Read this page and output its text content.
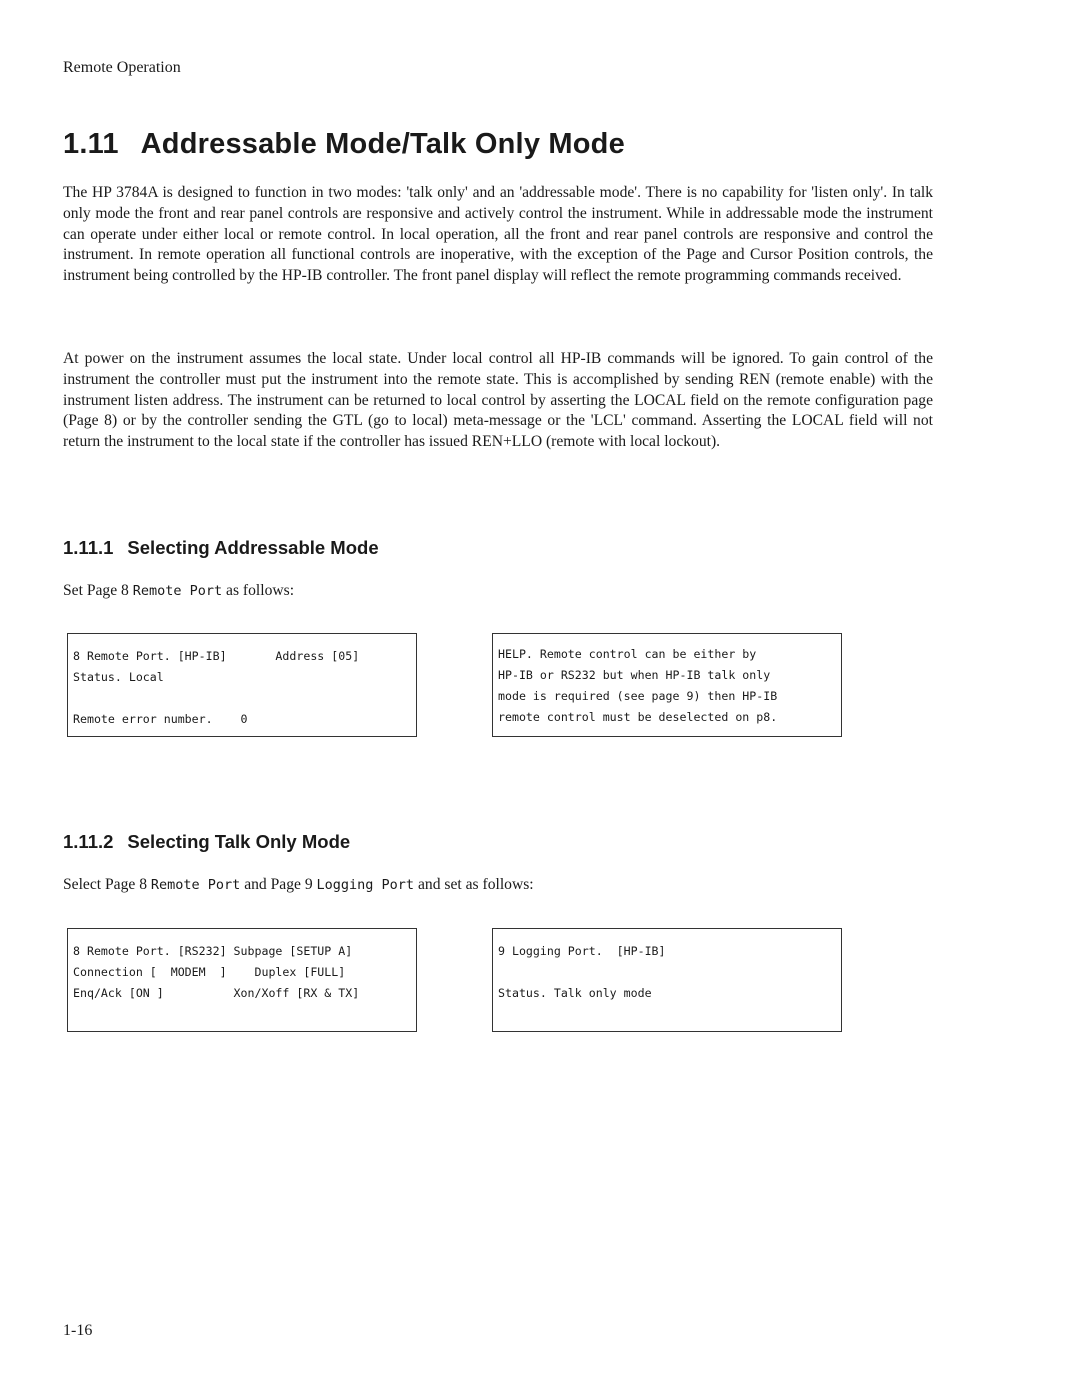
Remote Operation
1.11 Addressable Mode/Talk Only Mode

The HP 3784A is designed to function in two modes: 'talk only' and an 'addressable mode'. There is no capability for 'listen only'. In talk only mode the front and rear panel controls are responsive and actively control the instrument. While in addressable mode the instrument can operate under either local or remote control. In local operation, all the front and rear panel controls are responsive and control the instrument. In remote operation all functional controls are inoperative, with the exception of the Page and Cursor Position controls, the instrument being controlled by the HP-IB controller. The front panel display will reflect the remote programming commands received.

At power on the instrument assumes the local state. Under local control all HP-IB commands will be ignored. To gain control of the instrument the controller must put the instrument into the remote state. This is accomplished by sending REN (remote enable) with the instrument listen address. The instrument can be returned to local control by asserting the LOCAL field on the remote configuration page (Page 8) or by the controller sending the GTL (go to local) meta-message or the 'LCL' command. Asserting the LOCAL field will not return the instrument to the local state if the controller has issued REN+LLO (remote with local lockout).

1.11.1 Selecting Addressable Mode
Set Page 8 Remote Port as follows:
8 Remote Port. [HP-IB]       Address [05]
Status. Local
Remote error number.    0
HELP. Remote control can be either by
HP-IB or RS232 but when HP-IB talk only
mode is required (see page 9) then HP-IB
remote control must be deselected on p8.
1.11.2 Selecting Talk Only Mode
Select Page 8 Remote Port and Page 9 Logging Port and set as follows:
8 Remote Port. [RS232] Subpage [SETUP A]
Connection [  MODEM  ]    Duplex [FULL]
Enq/Ack [ON ]          Xon/Xoff [RX & TX]
9 Logging Port.  [HP-IB]
Status. Talk only mode
1-16
